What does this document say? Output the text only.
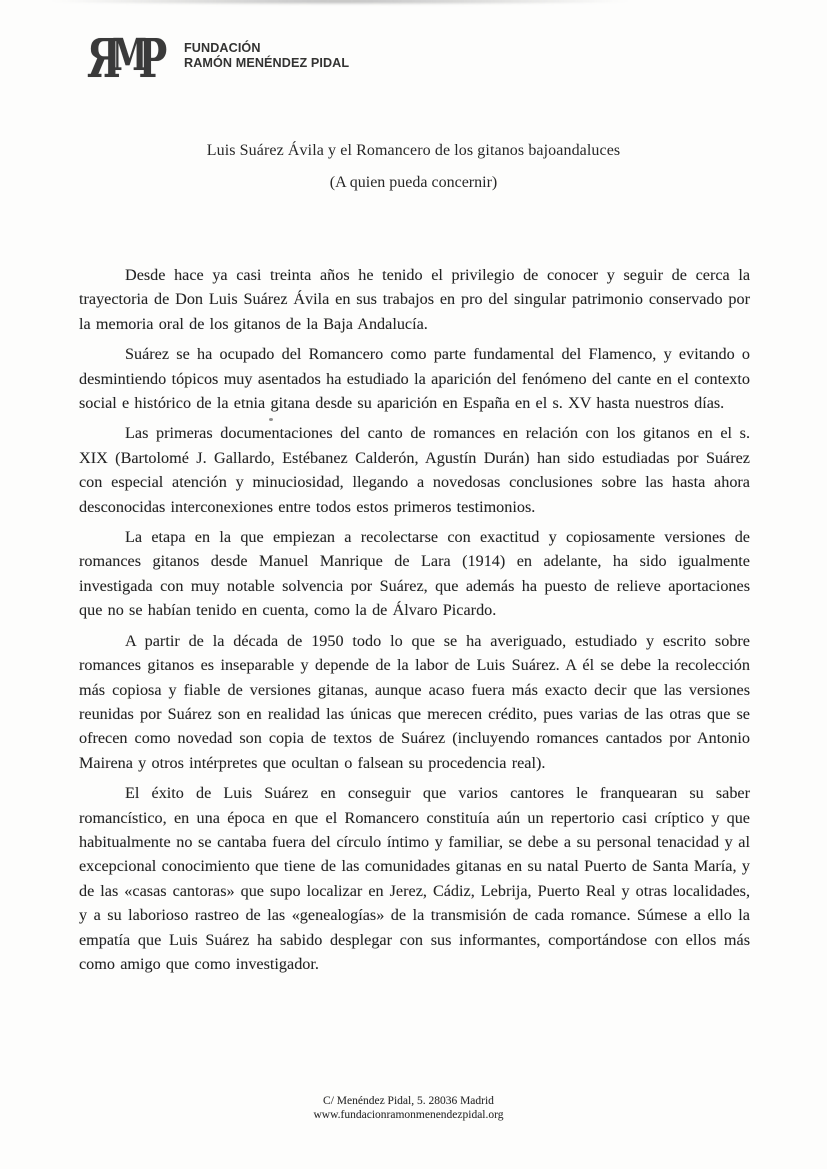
Я
M
P FUNDACIÓN
RAMÓN MENÉNDEZ PIDAL
Luis Suárez Ávila y el Romancero de los gitanos bajoandaluces
(A quien pueda concernir)

Desde hace ya casi treinta años he tenido el privilegio de conocer y seguir de cerca la trayectoria de Don Luis Suárez Ávila en sus trabajos en pro del singular patrimonio conservado por la memoria oral de los gitanos de la Baja Andalucía.

Suárez se ha ocupado del Romancero como parte fundamental del Flamenco, y evitando o desmintiendo tópicos muy asentados ha estudiado la aparición del fenómeno del cante en el contexto social e histórico de la etnia gitana desde su aparición en España en el s. XV hasta nuestros días.

Las primeras documentaciones del canto de romances en relación con los gitanos en el s. XIX (Bartolomé J. Gallardo, Estébanez Calderón, Agustín Durán) han sido estudiadas por Suárez con especial atención y minuciosidad, llegando a novedosas conclusiones sobre las hasta ahora desconocidas interconexiones entre todos estos primeros testimonios.

La etapa en la que empiezan a recolectarse con exactitud y copiosamente versiones de romances gitanos desde Manuel Manrique de Lara (1914) en adelante, ha sido igualmente investigada con muy notable solvencia por Suárez, que además ha puesto de relieve aportaciones que no se habían tenido en cuenta, como la de Álvaro Picardo.

A partir de la década de 1950 todo lo que se ha averiguado, estudiado y escrito sobre romances gitanos es inseparable y depende de la labor de Luis Suárez. A él se debe la recolección más copiosa y fiable de versiones gitanas, aunque acaso fuera más exacto decir que las versiones reunidas por Suárez son en realidad las únicas que merecen crédito, pues varias de las otras que se ofrecen como novedad son copia de textos de Suárez (incluyendo romances cantados por Antonio Mairena y otros intérpretes que ocultan o falsean su procedencia real).

El éxito de Luis Suárez en conseguir que varios cantores le franquearan su saber romancístico, en una época en que el Romancero constituía aún un repertorio casi críptico y que habitualmente no se cantaba fuera del círculo íntimo y familiar, se debe a su personal tenacidad y al excepcional conocimiento que tiene de las comunidades gitanas en su natal Puerto de Santa María, y de las «casas cantoras» que supo localizar en Jerez, Cádiz, Lebrija, Puerto Real y otras localidades, y a su laborioso rastreo de las «genealogías» de la transmisión de cada romance. Súmese a ello la empatía que Luis Suárez ha sabido desplegar con sus informantes, comportándose con ellos más como amigo que como investigador.

C/ Menéndez Pidal, 5. 28036 Madrid
www.fundacionramonmenendezpidal.org
